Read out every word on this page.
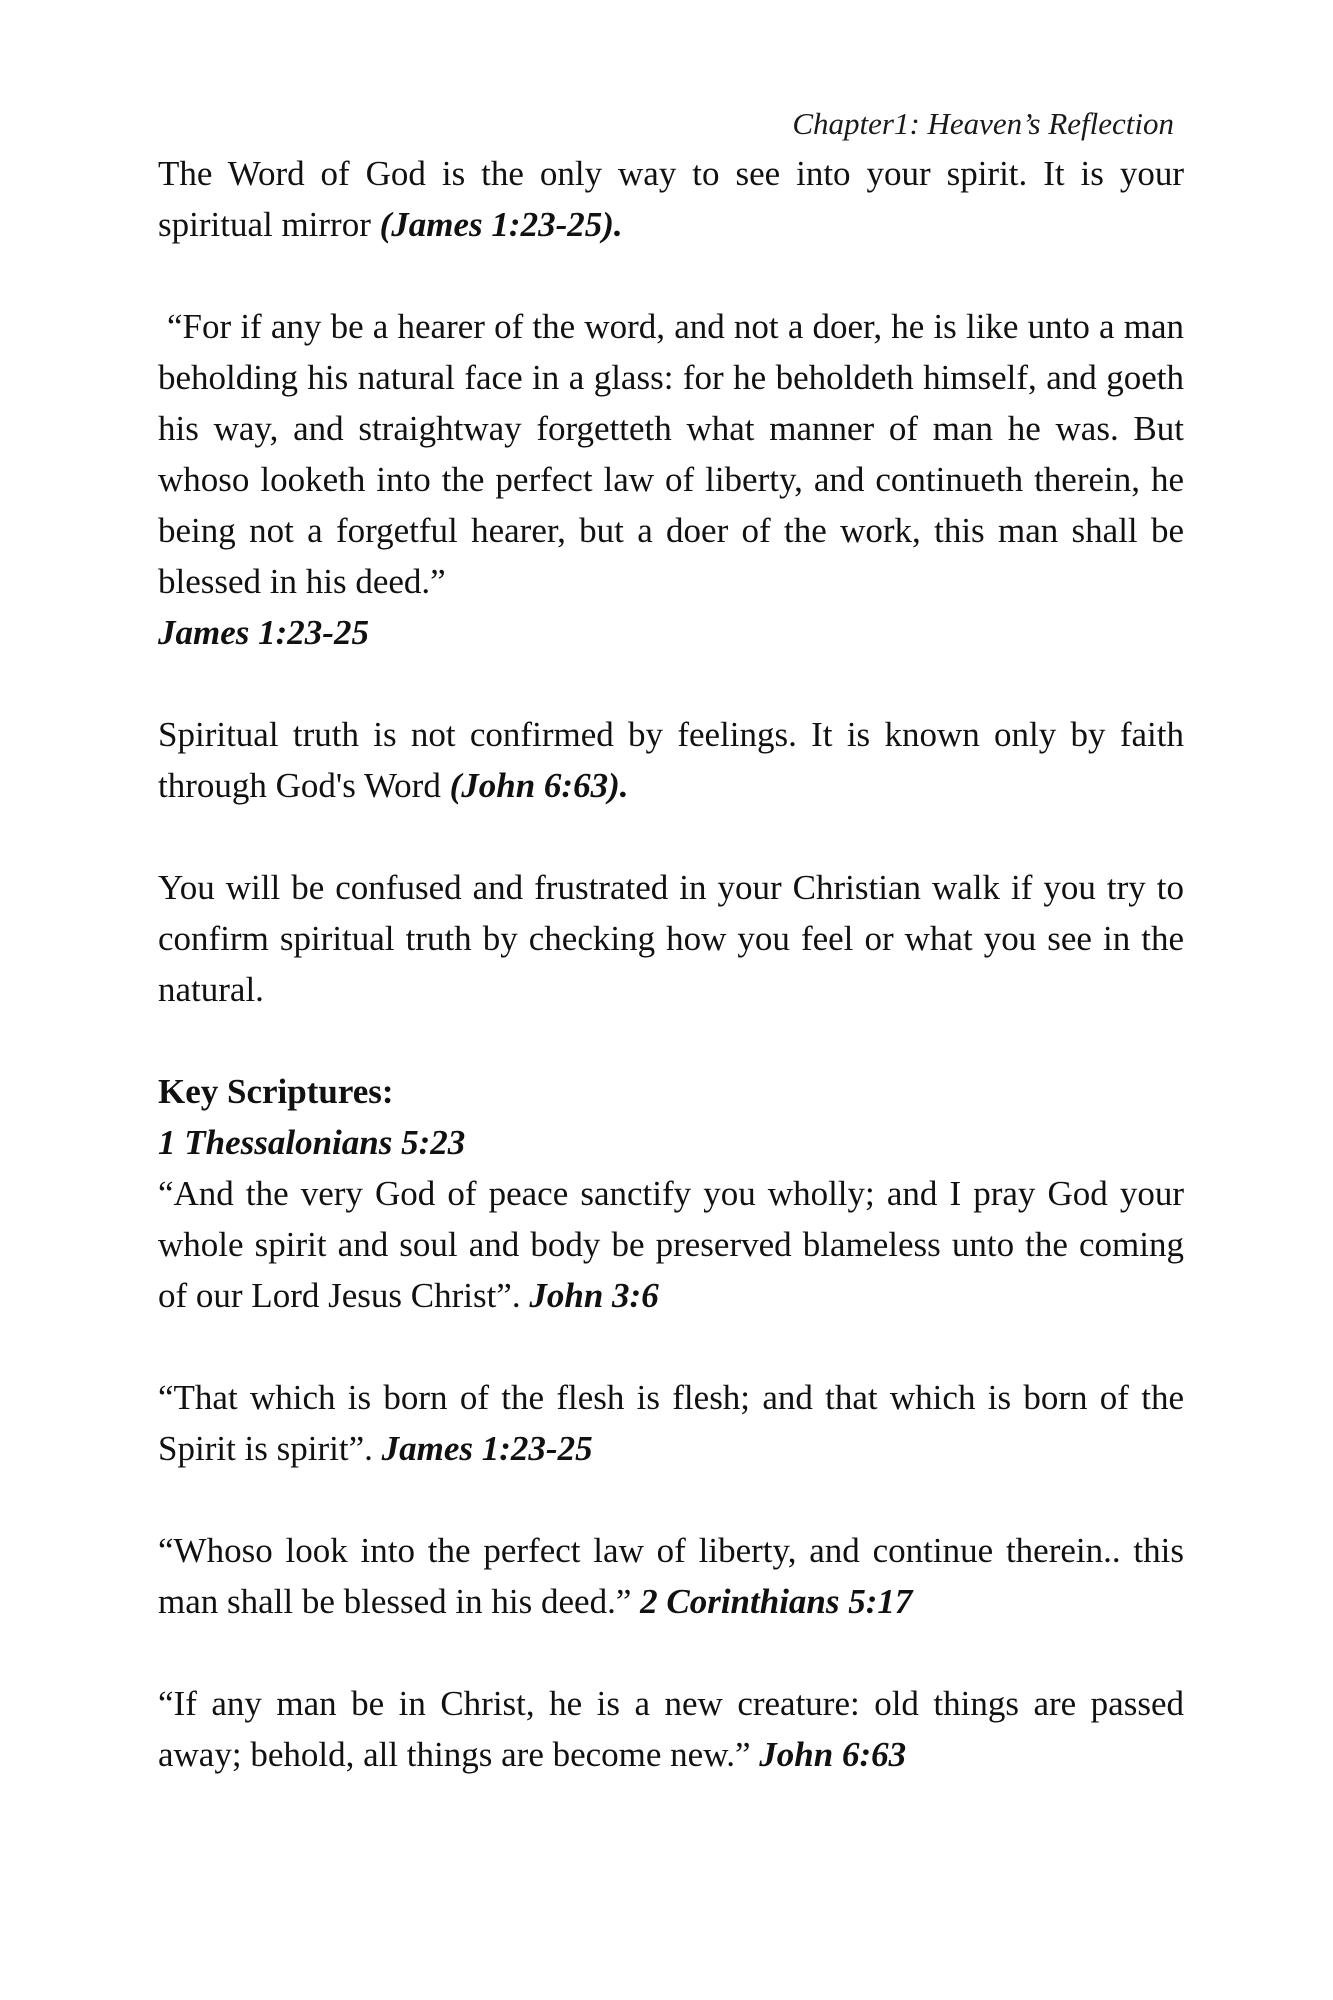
Chapter1: Heaven’s Reflection

The Word of God is the only way to see into your spirit. It is your spiritual mirror (James 1:23-25).

“For if any be a hearer of the word, and not a doer, he is like unto a man beholding his natural face in a glass: for he beholdeth himself, and goeth his way, and straightway forgetteth what manner of man he was. But whoso looketh into the perfect law of liberty, and continueth therein, he being not a forgetful hearer, but a doer of the work, this man shall be blessed in his deed.”

James 1:23-25

Spiritual truth is not confirmed by feelings. It is known only by faith through God's Word (John 6:63).

You will be confused and frustrated in your Christian walk if you try to confirm spiritual truth by checking how you feel or what you see in the natural.

Key Scriptures:

1 Thessalonians 5:23

“And the very God of peace sanctify you wholly; and I pray God your whole spirit and soul and body be preserved blameless unto the coming of our Lord Jesus Christ”. John 3:6

“That which is born of the flesh is flesh; and that which is born of the Spirit is spirit”. James 1:23-25

“Whoso look into the perfect law of liberty, and continue therein.. this man shall be blessed in his deed.” 2 Corinthians 5:17

“If any man be in Christ, he is a new creature: old things are passed away; behold, all things are become new.” John 6:63
